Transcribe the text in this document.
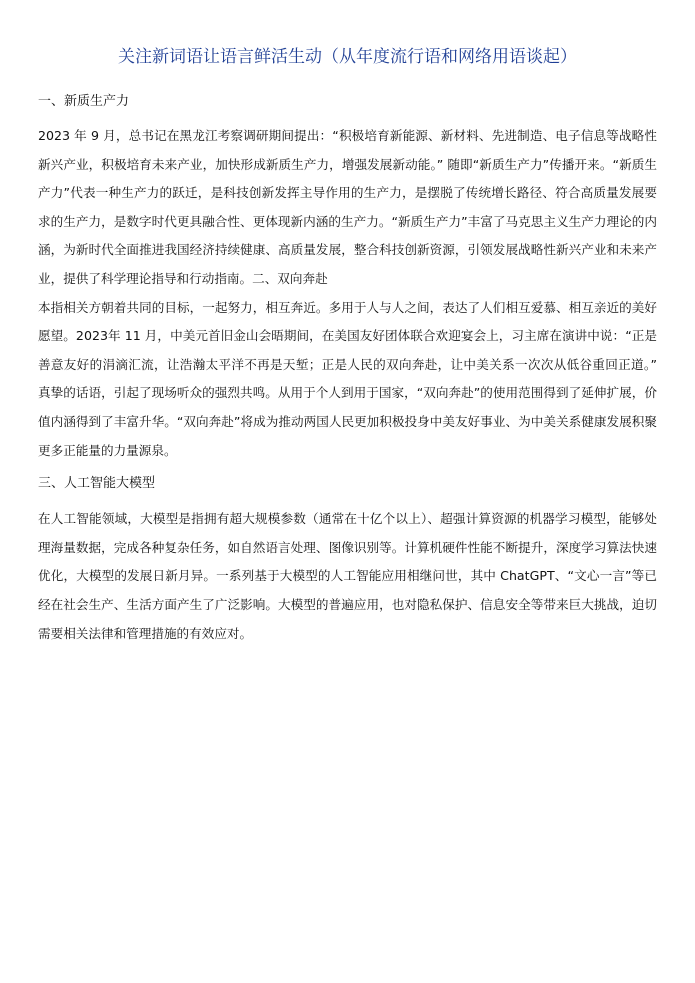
关注新词语让语言鲜活生动（从年度流行语和网络用语谈起）
一、新质生产力

2023 年 9 月，总书记在黑龙江考察调研期间提出：“积极培育新能源、新材料、先进制造、电子信息等战略性新兴产业，积极培育未来产业，加快形成新质生产力，增强发展新动能。” 随即“新质生产力”传播开来。“新质生产力”代表一种生产力的跃迁，是科技创新发挥主导作用的生产力，是摆脱了传统增长路径、符合高质量发展要求的生产力，是数字时代更具融合性、更体现新内涵的生产力。“新质生产力”丰富了马克思主义生产力理论的内涵，为新时代全面推进我国经济持续健康、高质量发展，整合科技创新资源，引领发展战略性新兴产业和未来产业，提供了科学理论指导和行动指南。二、双向奔赴

本指相关方朝着共同的目标，一起努力，相互奔近。多用于人与人之间，表达了人们相互爱慕、相互亲近的美好愿望。2023年 11 月，中美元首旧金山会晤期间，在美国友好团体联合欢迎宴会上，习主席在演讲中说：“正是善意友好的涓滴汇流，让浩瀚太平洋不再是天堑；正是人民的双向奔赴，让中美关系一次次从低谷重回正道。” 真挚的话语，引起了现场听众的强烈共鸣。从用于个人到用于国家，“双向奔赴”的使用范围得到了延伸扩展，价值内涵得到了丰富升华。“双向奔赴”将成为推动两国人民更加积极投身中美友好事业、为中美关系健康发展积聚更多正能量的力量源泉。

三、人工智能大模型

在人工智能领域，大模型是指拥有超大规模参数（通常在十亿个以上）、超强计算资源的机器学习模型，能够处理海量数据，完成各种复杂任务，如自然语言处理、图像识别等。计算机硬件性能不断提升，深度学习算法快速优化，大模型的发展日新月异。一系列基于大模型的人工智能应用相继问世，其中 ChatGPT、“文心一言”等已经在社会生产、生活方面产生了广泛影响。大模型的普遍应用，也对隐私保护、信息安全等带来巨大挑战，迫切需要相关法律和管理措施的有效应对。
